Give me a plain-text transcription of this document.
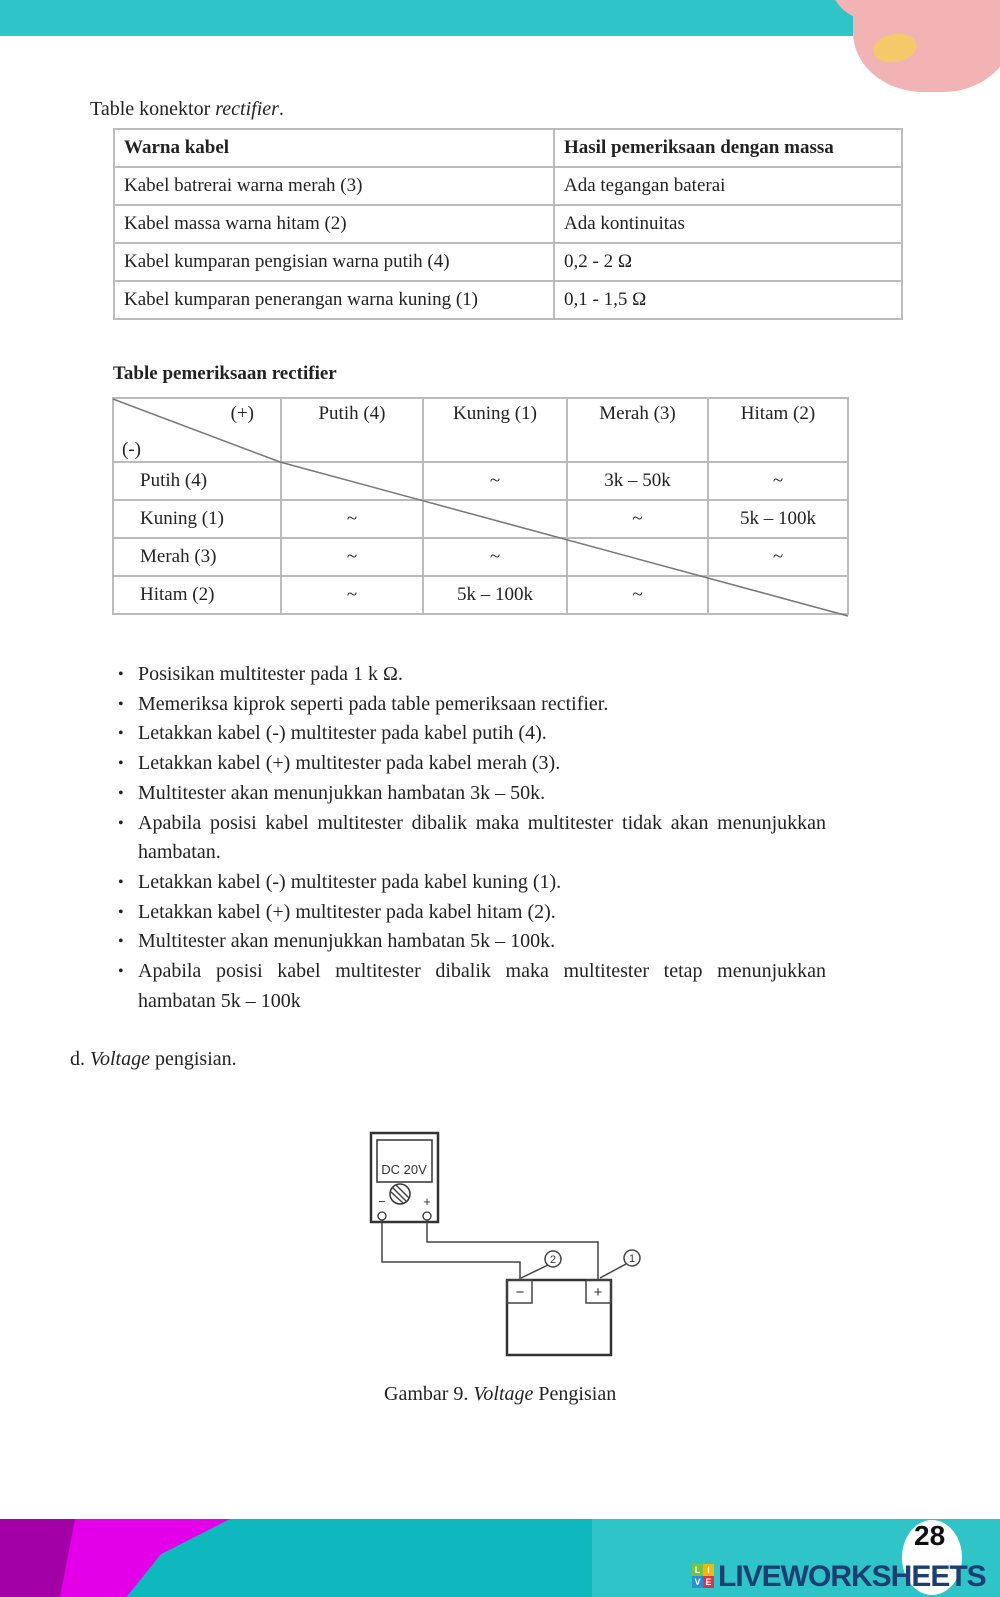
Table konektor rectifier.
Warna kabel	Hasil pemeriksaan dengan massa
Kabel batrerai warna merah (3)	Ada tegangan baterai
Kabel massa warna hitam (2)	Ada kontinuitas
Kabel kumparan pengisian warna putih (4)	0,2 - 2 Ω
Kabel kumparan penerangan warna kuning (1)	0,1 - 1,5 Ω
Table pemeriksaan rectifier
(+)
(-)	Putih (4)	Kuning (1)	Merah (3)	Hitam (2)
Putih (4)		~	3k – 50k	~
Kuning (1)	~		~	5k – 100k
Merah (3)	~	~		~
Hitam (2)	~	5k – 100k	~	
• Posisikan multitester pada 1 k Ω.
• Memeriksa kiprok seperti pada table pemeriksaan rectifier.
• Letakkan kabel (-) multitester pada kabel putih (4).
• Letakkan kabel (+) multitester pada kabel merah (3).
• Multitester akan menunjukkan hambatan 3k – 50k.
• Apabila posisi kabel multitester dibalik maka multitester tidak akan menunjukkan hambatan.
• Letakkan kabel (-) multitester pada kabel kuning (1).
• Letakkan kabel (+) multitester pada kabel hitam (2).
• Multitester akan menunjukkan hambatan 5k – 100k.
• Apabila posisi kabel multitester dibalik maka multitester tetap menunjukkan hambatan 5k – 100k
d. Voltage pengisian.
DC 20V
−	+
−	+
2	1
Gambar 9. Voltage Pengisian
28
L I
V E LIVEWORKSHEETS
